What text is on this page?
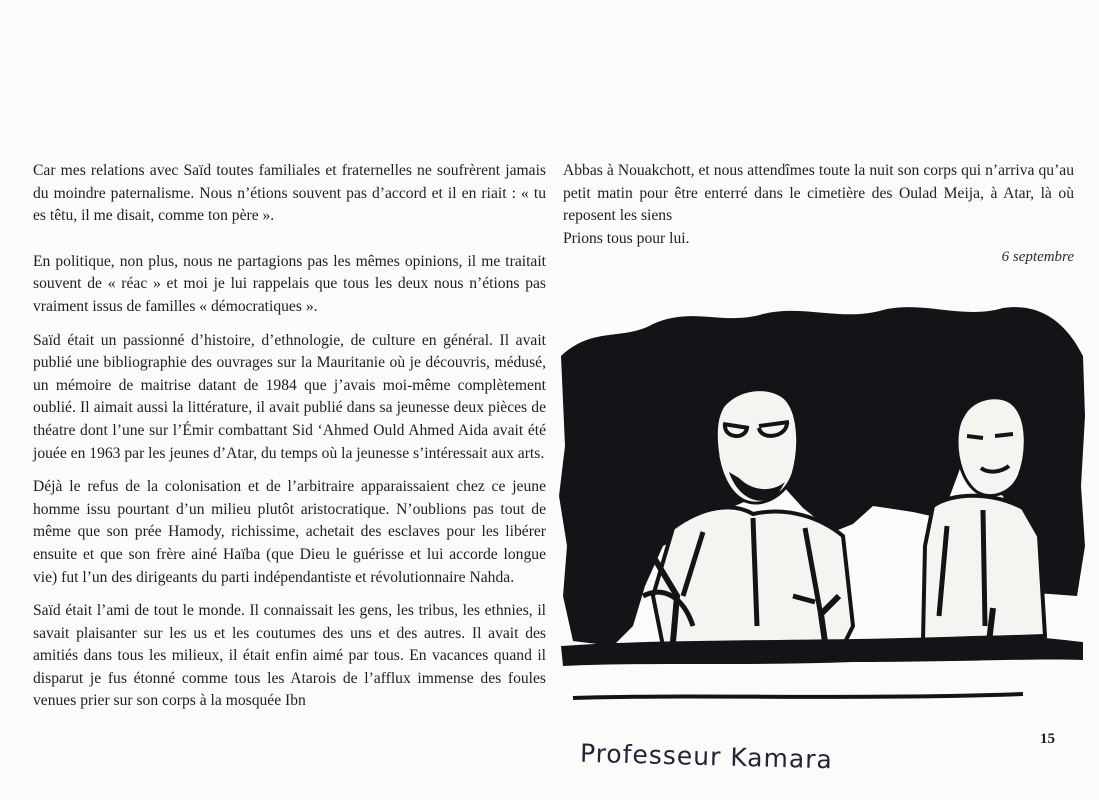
Car mes relations avec Saïd toutes familiales et fraternelles ne soufrèrent jamais du moindre paternalisme. Nous n’étions souvent pas d’accord et il en riait : « tu es têtu, il me disait, comme ton père ».

En politique, non plus, nous ne partagions pas les mêmes opinions, il me traitait souvent de « réac » et moi je lui rappelais que tous les deux nous n’étions pas vraiment issus de familles « démocratiques ».

Saïd était un passionné d’histoire, d’ethnologie, de culture en général. Il avait publié une bibliographie des ouvrages sur la Mauritanie où je découvris, médusé, un mémoire de maitrise datant de 1984 que j’avais moi-même complètement oublié. Il aimait aussi la littérature, il avait publié dans sa jeunesse deux pièces de théatre dont l’une sur l’Émir combattant Sid ‘Ahmed Ould Ahmed Aida avait été jouée en 1963 par les jeunes d’Atar, du temps où la jeunesse s’intéressait aux arts.

Déjà le refus de la colonisation et de l’arbitraire apparaissaient chez ce jeune homme issu pourtant d’un milieu plutôt aristocratique. N’oublions pas tout de même que son prée Hamody, richissime, achetait des esclaves pour les libérer ensuite et que son frère ainé Haïba (que Dieu le guérisse et lui accorde longue vie) fut l’un des dirigeants du parti indépendantiste et révolutionnaire Nahda.

Saïd était l’ami de tout le monde. Il connaissait les gens, les tribus, les ethnies, il savait plaisanter sur les us et les coutumes des uns et des autres. Il avait des amitiés dans tous les milieux, il était enfin aimé par tous. En vacances quand il disparut je fus étonné comme tous les Atarois de l’afflux immense des foules venues prier sur son corps à la mosquée Ibn

Abbas à Nouakchott, et nous attendîmes toute la nuit son corps qui n’arriva qu’au petit matin pour être enterré dans le cimetière des Oulad Meija, à Atar, là où reposent les siens

Prions tous pour lui.

6 septembre
Professeur Kamara	15
